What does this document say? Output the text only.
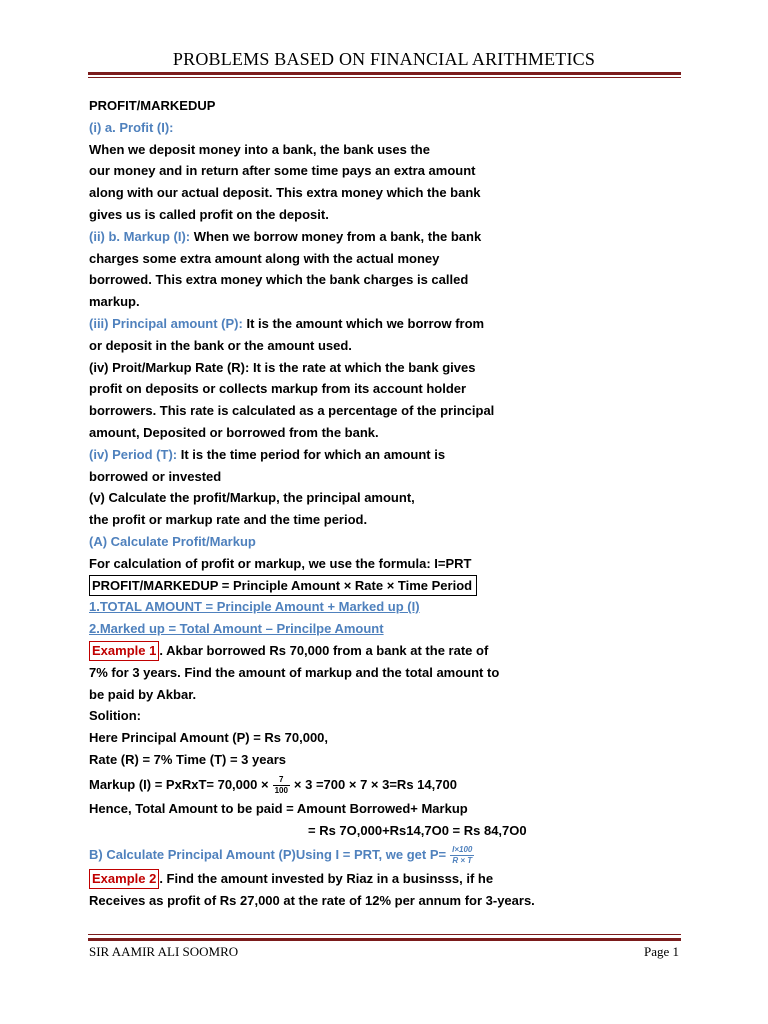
PROBLEMS BASED ON FINANCIAL ARITHMETICS
PROFIT/MARKEDUP
(i) a. Profit (I):
When we deposit money into a bank, the bank uses the
our money and in return after some time pays an extra amount
along with our actual deposit. This extra money which the bank
gives us is called profit on the deposit.
(ii) b. Markup (I): When we borrow money from a bank, the bank
charges some extra amount along with the actual money
borrowed. This extra money which the bank charges is called
markup.
(iii) Principal amount (P): It is the amount which we borrow from
or deposit in the bank or the amount used.
(iv) Proit/Markup Rate (R): It is the rate at which the bank gives
profit on deposits or collects markup from its account holder
borrowers. This rate is calculated as a percentage of the principal
amount, Deposited or borrowed from the bank.
(iv) Period (T): It is the time period for which an amount is
borrowed or invested
(v) Calculate the profit/Markup, the principal amount,
the profit or markup rate and the time period.
(A) Calculate Profit/Markup
For calculation of profit or markup, we use the formula: I=PRT
PROFIT/MARKEDUP = Principle Amount × Rate × Time Period
1.TOTAL AMOUNT = Principle Amount + Marked up (I)
2.Marked up = Total Amount – Princilpe Amount
Example 1 . Akbar borrowed Rs 70,000 from a bank at the rate of
7% for 3 years. Find the amount of markup and the total amount to
be paid by Akbar.
Solition:
Here Principal Amount (P) = Rs 70,000,
Rate (R) = 7% Time (T) = 3 years
Markup (I) = PxRxT= $70,000 \times \frac{7}{100} \times 3 =700 \times 7 \times 3=Rs$ 14,700
Hence, Total Amount to be paid = Amount Borrowed+ Markup
= Rs 7O,000+Rs14,7O0 = Rs 84,7O0
B) Calculate Principal Amount (P)Using I = PRT, we get $P= \frac{I\times 100}{R \times T}$
Example 2 . Find the amount invested by Riaz in a businsss, if he
Receives as profit of Rs 27,000 at the rate of 12% per annum for 3-years.
SIR AAMIR ALI SOOMRO	Page 1
